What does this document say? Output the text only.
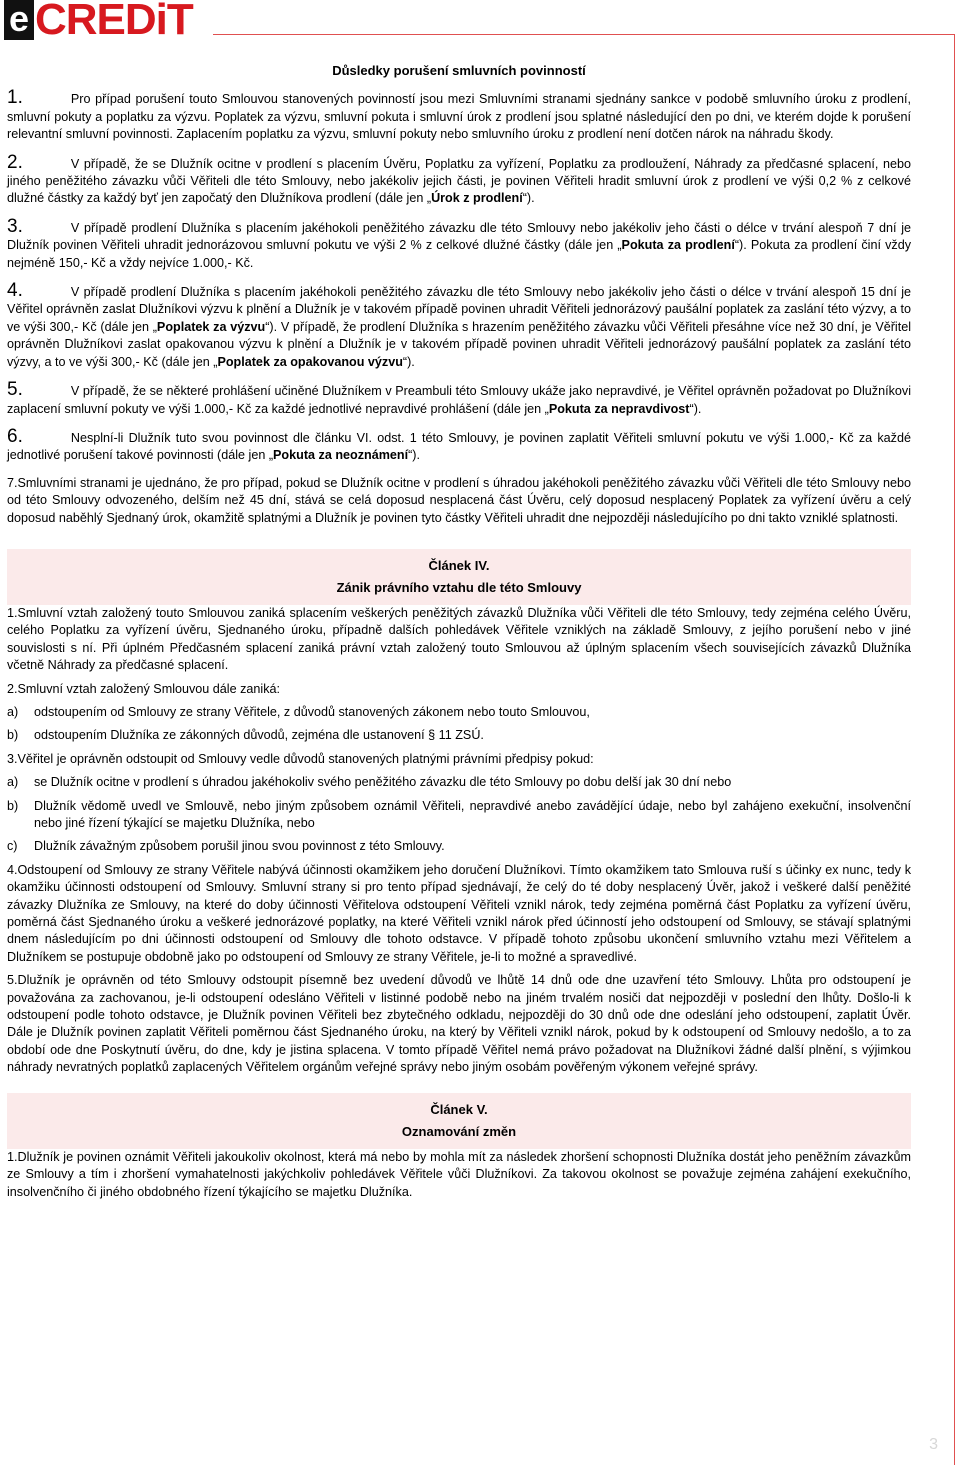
e CREDiT
Důsledky porušení smluvních povinností

1.	Pro případ porušení touto Smlouvou stanovených povinností jsou mezi Smluvními stranami sjednány sankce v podobě smluvního úroku z prodlení, smluvní pokuty a poplatku za výzvu. Poplatek za výzvu, smluvní pokuta i smluvní úrok z prodlení jsou splatné následující den po dni, ve kterém dojde k porušení relevantní smluvní povinnosti. Zaplacením poplatku za výzvu, smluvní pokuty nebo smluvního úroku z prodlení není dotčen nárok na náhradu škody.

2.	V případě, že se Dlužník ocitne v prodlení s placením Úvěru, Poplatku za vyřízení, Poplatku za prodloužení, Náhrady za předčasné splacení, nebo jiného peněžitého závazku vůči Věřiteli dle této Smlouvy, nebo jakékoliv jejich části, je povinen Věřiteli hradit smluvní úrok z prodlení ve výši 0,2 % z celkové dlužné částky za každý byť jen započatý den Dlužníkova prodlení (dále jen „Úrok z prodlení“).

3.	V případě prodlení Dlužníka s placením jakéhokoli peněžitého závazku dle této Smlouvy nebo jakékoliv jeho části o délce v trvání alespoň 7 dní je Dlužník povinen Věřiteli uhradit jednorázovou smluvní pokutu ve výši 2 % z celkové dlužné částky (dále jen „Pokuta za prodlení“). Pokuta za prodlení činí vždy nejméně 150,- Kč a vždy nejvíce 1.000,- Kč.

4.	V případě prodlení Dlužníka s placením jakéhokoli peněžitého závazku dle této Smlouvy nebo jakékoliv jeho části o délce v trvání alespoň 15 dní je Věřitel oprávněn zaslat Dlužníkovi výzvu k plnění a Dlužník je v takovém případě povinen uhradit Věřiteli jednorázový paušální poplatek za zaslání této výzvy, a to ve výši 300,- Kč (dále jen „Poplatek za výzvu“). V případě, že prodlení Dlužníka s hrazením peněžitého závazku vůči Věřiteli přesáhne více než 30 dní, je Věřitel oprávněn Dlužníkovi zaslat opakovanou výzvu k plnění a Dlužník je v takovém případě povinen uhradit Věřiteli jednorázový paušální poplatek za zaslání této výzvy, a to ve výši 300,- Kč (dále jen „Poplatek za opakovanou výzvu“).

5.	V případě, že se některé prohlášení učiněné Dlužníkem v Preambuli této Smlouvy ukáže jako nepravdivé, je Věřitel oprávněn požadovat po Dlužníkovi zaplacení smluvní pokuty ve výši 1.000,- Kč za každé jednotlivé nepravdivé prohlášení (dále jen „Pokuta za nepravdivost“).

6.	Nesplní-li Dlužník tuto svou povinnost dle článku VI. odst. 1 této Smlouvy, je povinen zaplatit Věřiteli smluvní pokutu ve výši 1.000,- Kč za každé jednotlivé porušení takové povinnosti (dále jen „Pokuta za neoznámení“).

7.Smluvními stranami je ujednáno, že pro případ, pokud se Dlužník ocitne v prodlení s úhradou jakéhokoli peněžitého závazku vůči Věřiteli dle této Smlouvy nebo od této Smlouvy odvozeného, delším než 45 dní, stává se celá doposud nesplacená část Úvěru, celý doposud nesplacený Poplatek za vyřízení úvěru a celý doposud naběhlý Sjednaný úrok, okamžitě splatnými a Dlužník je povinen tyto částky Věřiteli uhradit dne nejpozději následujícího po dni takto vzniklé splatnosti.

Článek IV.
Zánik právního vztahu dle této Smlouvy

1.Smluvní vztah založený touto Smlouvou zaniká splacením veškerých peněžitých závazků Dlužníka vůči Věřiteli dle této Smlouvy, tedy zejména celého Úvěru, celého Poplatku za vyřízení úvěru, Sjednaného úroku, případně dalších pohledávek Věřitele vzniklých na základě Smlouvy, z jejího porušení nebo v jiné souvislosti s ní. Při úplném Předčasném splacení zaniká právní vztah založený touto Smlouvou až úplným splacením všech souvisejících závazků Dlužníka včetně Náhrady za předčasné splacení.

2.Smluvní vztah založený Smlouvou dále zaniká:

a)	odstoupením od Smlouvy ze strany Věřitele, z důvodů stanovených zákonem nebo touto Smlouvou,
b)	odstoupením Dlužníka ze zákonných důvodů, zejména dle ustanovení § 11 ZSÚ.

3.Věřitel je oprávněn odstoupit od Smlouvy vedle důvodů stanovených platnými právními předpisy pokud:

a)	se Dlužník ocitne v prodlení s úhradou jakéhokoliv svého peněžitého závazku dle této Smlouvy po dobu delší jak 30 dní nebo
b)	Dlužník vědomě uvedl ve Smlouvě, nebo jiným způsobem oznámil Věřiteli, nepravdivé anebo zavádějící údaje, nebo byl zahájeno exekuční, insolvenční nebo jiné řízení týkající se majetku Dlužníka, nebo
c)	Dlužník závažným způsobem porušil jinou svou povinnost z této Smlouvy.

4.Odstoupení od Smlouvy ze strany Věřitele nabývá účinnosti okamžikem jeho doručení Dlužníkovi. Tímto okamžikem tato Smlouva ruší s účinky ex nunc, tedy k okamžiku účinnosti odstoupení od Smlouvy. Smluvní strany si pro tento případ sjednávají, že celý do té doby nesplacený Úvěr, jakož i veškeré další peněžité závazky Dlužníka ze Smlouvy, na které do doby účinnosti Věřitelova odstoupení Věřiteli vznikl nárok, tedy zejména poměrná část Poplatku za vyřízení úvěru, poměrná část Sjednaného úroku a veškeré jednorázové poplatky, na které Věřiteli vznikl nárok před účinností jeho odstoupení od Smlouvy, se stávají splatnými dnem následujícím po dni účinnosti odstoupení od Smlouvy dle tohoto odstavce. V případě tohoto způsobu ukončení smluvního vztahu mezi Věřitelem a Dlužníkem se postupuje obdobně jako po odstoupení od Smlouvy ze strany Věřitele, je-li to možné a spravedlivé.

5.Dlužník je oprávněn od této Smlouvy odstoupit písemně bez uvedení důvodů ve lhůtě 14 dnů ode dne uzavření této Smlouvy. Lhůta pro odstoupení je považována za zachovanou, je-li odstoupení odesláno Věřiteli v listinné podobě nebo na jiném trvalém nosiči dat nejpozději v poslední den lhůty. Došlo-li k odstoupení podle tohoto odstavce, je Dlužník povinen Věřiteli bez zbytečného odkladu, nejpozději do 30 dnů ode dne odeslání jeho odstoupení, zaplatit Úvěr. Dále je Dlužník povinen zaplatit Věřiteli poměrnou část Sjednaného úroku, na který by Věřiteli vznikl nárok, pokud by k odstoupení od Smlouvy nedošlo, a to za období ode dne Poskytnutí úvěru, do dne, kdy je jistina splacena. V tomto případě Věřitel nemá právo požadovat na Dlužníkovi žádné další plnění, s výjimkou náhrady nevratných poplatků zaplacených Věřitelem orgánům veřejné správy nebo jiným osobám pověřeným výkonem veřejné správy.

Článek V.
Oznamování změn

1.Dlužník je povinen oznámit Věřiteli jakoukoliv okolnost, která má nebo by mohla mít za následek zhoršení schopnosti Dlužníka dostát jeho peněžním závazkům ze Smlouvy a tím i zhoršení vymahatelnosti jakýchkoliv pohledávek Věřitele vůči Dlužníkovi. Za takovou okolnost se považuje zejména zahájení exekučního, insolvenčního či jiného obdobného řízení týkajícího se majetku Dlužníka.

3
